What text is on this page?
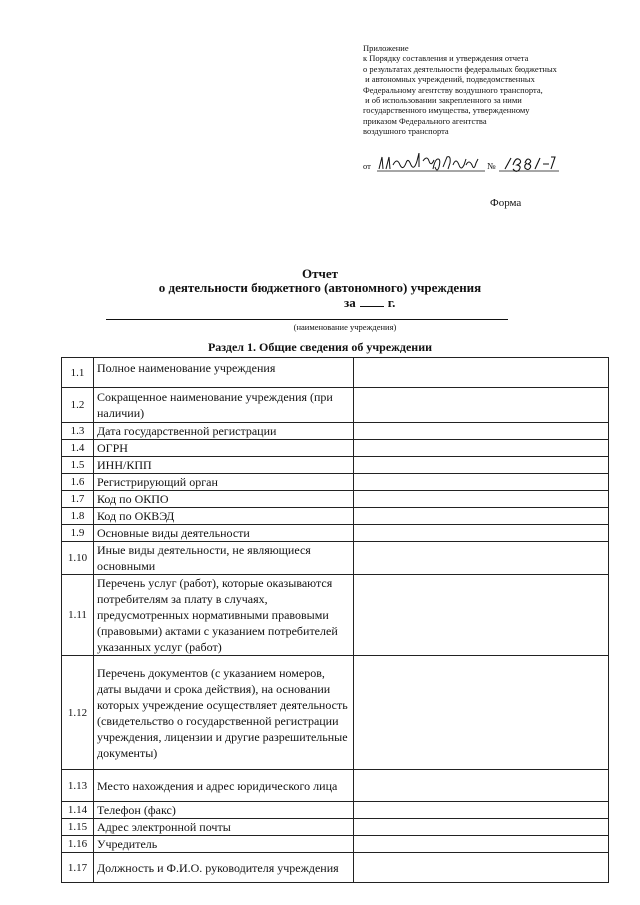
Приложение
к Порядку составления и утверждения отчета
о результатах деятельности федеральных бюджетных
и автономных учреждений, подведомственных
Федеральному агентству воздушного транспорта,
и об использовании закрепленного за ними
государственного имущества, утвержденному
приказом Федерального агентства
воздушного транспорта
от	№
Форма
Отчет
о деятельности бюджетного (автономного) учреждения
за г.
(наименование учреждения)
Раздел 1. Общие сведения об учреждении
1.1	Полное наименование учреждения	
1.2	Сокращенное наименование учреждения (при наличии)	
1.3	Дата государственной регистрации	
1.4	ОГРН	
1.5	ИНН/КПП	
1.6	Регистрирующий орган	
1.7	Код по ОКПО	
1.8	Код по ОКВЭД	
1.9	Основные виды деятельности	
1.10	Иные виды деятельности, не являющиеся основными	
1.11	Перечень услуг (работ), которые оказываются потребителям за плату в случаях, предусмотренных нормативными правовыми (правовыми) актами с указанием потребителей указанных услуг (работ)	
1.12	Перечень документов (с указанием номеров, даты выдачи и срока действия), на основании которых учреждение осуществляет деятельность (свидетельство о государственной регистрации учреждения, лицензии и другие разрешительные документы)	
1.13	Место нахождения и адрес юридического лица	
1.14	Телефон (факс)	
1.15	Адрес электронной почты	
1.16	Учредитель	
1.17	Должность и Ф.И.О. руководителя учреждения	
